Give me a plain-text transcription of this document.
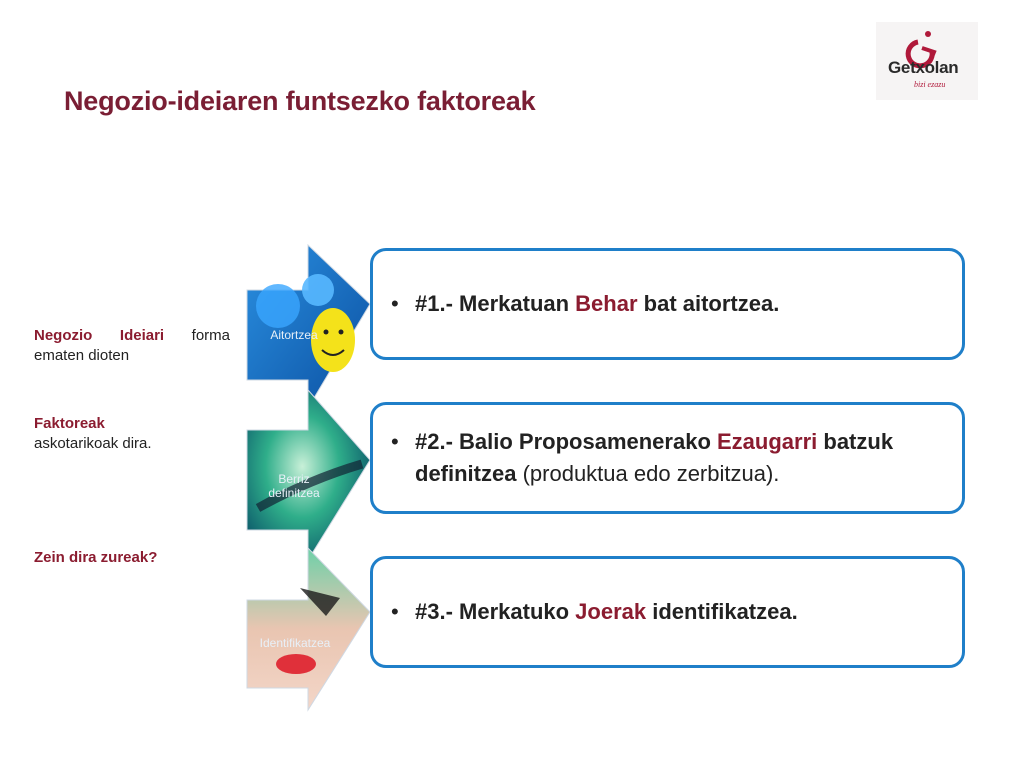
Getxolan
bizi ezazu
Negozio-ideiaren funtsezko faktoreak
Negozio Ideiari forma
ematen dioten
Faktoreak
askotarikoak dira.
Zein dira zureak?
Aitortzea
Berriz definitzea
Identifikatzea
• #1.- Merkatuan Behar bat aitortzea.
• #2.- Balio Proposamenerako Ezaugarri batzuk definitzea (produktua edo zerbitzua).
• #3.- Merkatuko Joerak identifikatzea.
